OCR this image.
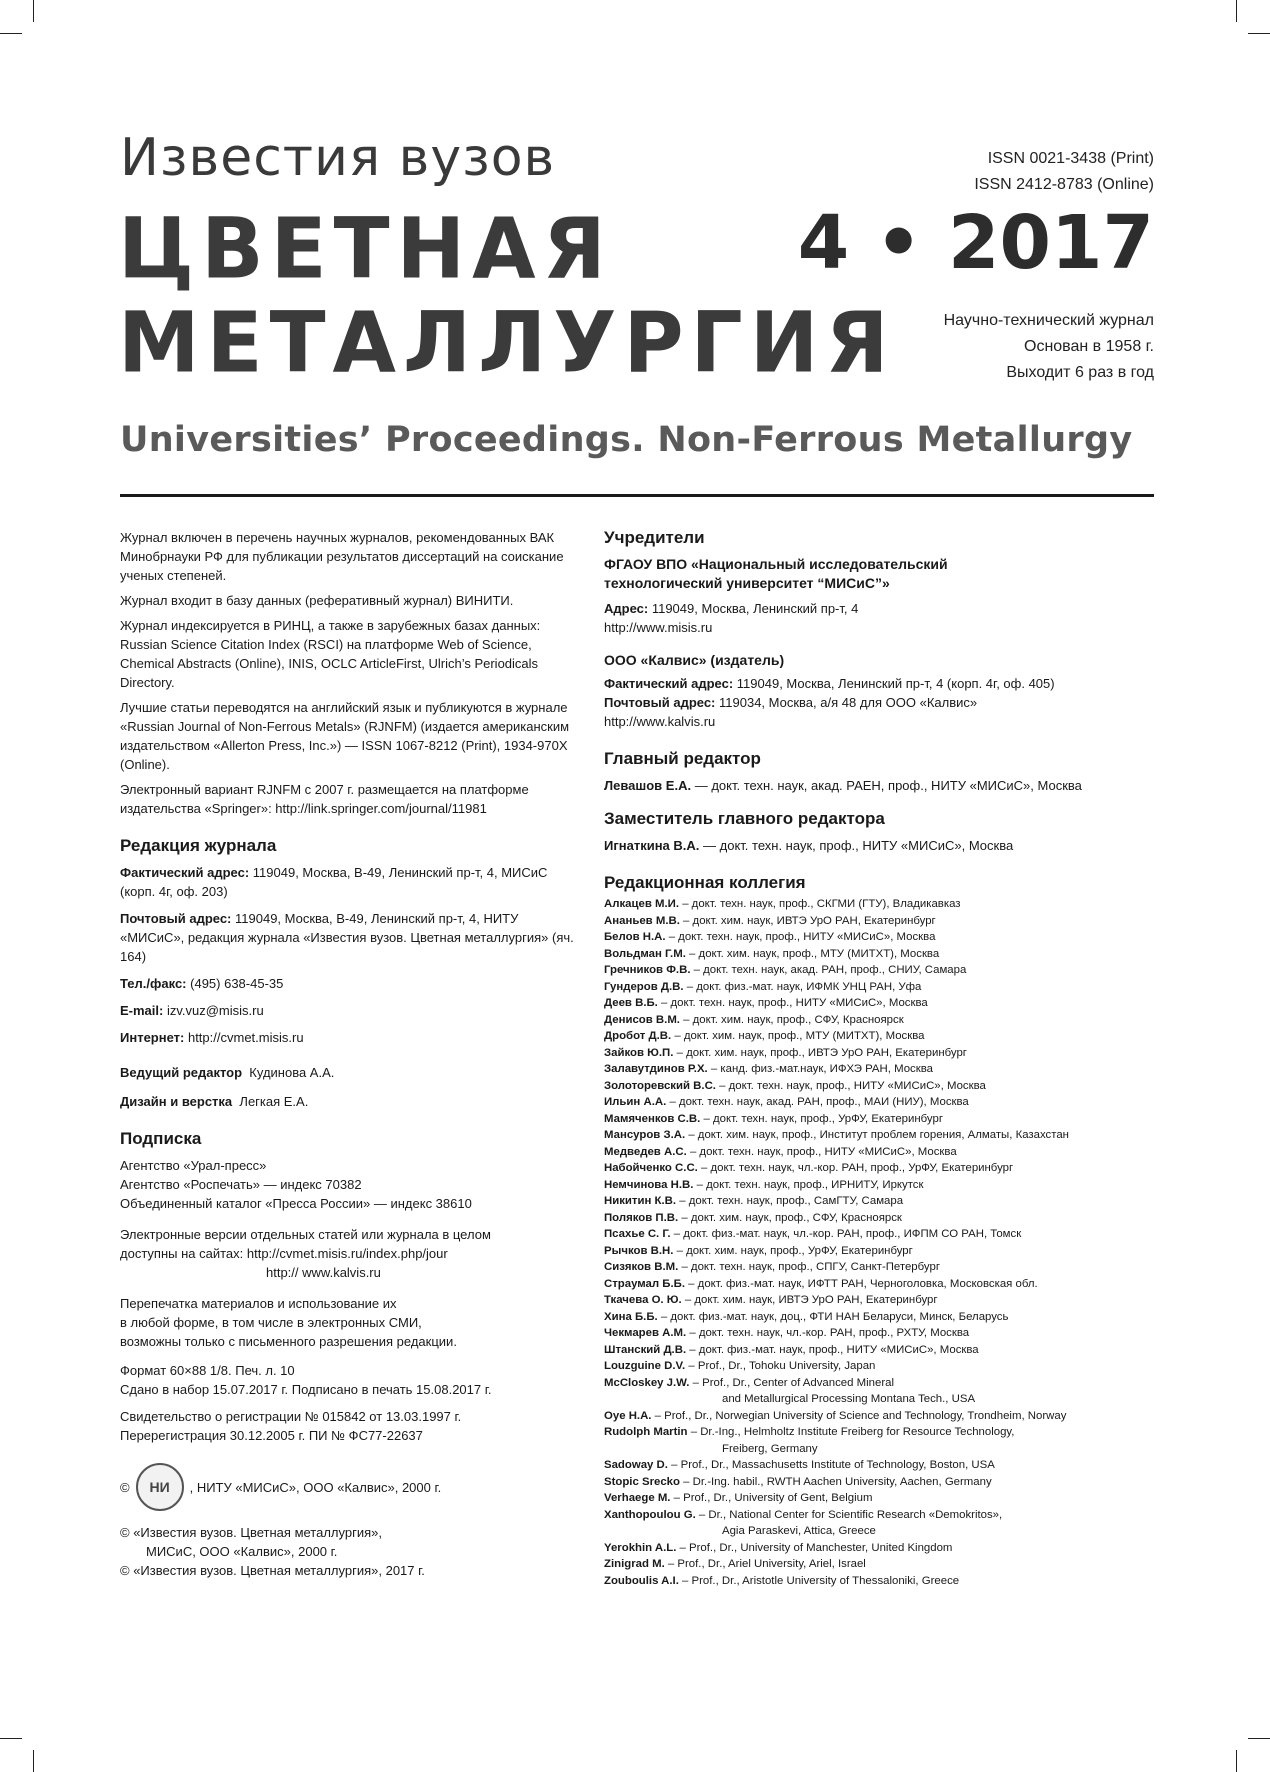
Известия вузов
ЦВЕТНАЯ
МЕТАЛЛУРГИЯ
ISSN 0021-3438 (Print)
ISSN 2412-8783 (Online)
4 • 2017
Научно-технический журнал
Основан в 1958 г.
Выходит 6 раз в год
Universities’ Proceedings. Non-Ferrous Metallurgy

Журнал включен в перечень научных журналов, рекомендованных ВАК Минобрнауки РФ для публикации результатов диссертаций на соискание ученых степеней.

Журнал входит в базу данных (реферативный журнал) ВИНИТИ.

Журнал индексируется в РИНЦ, а также в зарубежных базах данных: Russian Science Citation Index (RSCI) на платформе Web of Science, Chemical Abstracts (Online), INIS, OCLC ArticleFirst, Ulrich’s Periodicals Directory.

Лучшие статьи переводятся на английский язык и публикуются в журнале «Russian Journal of Non-Ferrous Metals» (RJNFM) (издается американским издательством «Allerton Press, Inc.») — ISSN 1067-8212 (Print), 1934-970X (Online).

Электронный вариант RJNFM с 2007 г. размещается на платформе издательства «Springer»: http://link.springer.com/journal/11981

Редакция журнала
Фактический адрес: 119049, Москва, В-49, Ленинский пр-т, 4, МИСиС (корп. 4г, оф. 203)
Почтовый адрес: 119049, Москва, В-49, Ленинский пр-т, 4, НИТУ «МИСиС», редакция журнала «Известия вузов. Цветная металлургия» (яч. 164)
Тел./факс: (495) 638-45-35
E-mail: izv.vuz@misis.ru
Интернет: http://cvmet.misis.ru
Ведущий редактор Кудинова А.А.
Дизайн и верстка Легкая Е.А.
Подписка
Агентство «Урал-пресс»
Агентство «Роспечать» — индекс 70382
Объединенный каталог «Пресса России» — индекс 38610
Электронные версии отдельных статей или журнала в целом
доступны на сайтах: http://cvmet.misis.ru/index.php/jour
http:// www.kalvis.ru
Перепечатка материалов и использование их
в любой форме, в том числе в электронных СМИ,
возможны только с письменного разрешения редакции.
Формат 60×88 1/8. Печ. л. 10
Сдано в набор 15.07.2017 г. Подписано в печать 15.08.2017 г.
Свидетельство о регистрации № 015842 от 13.03.1997 г.
Перерегистрация 30.12.2005 г. ПИ № ФС77-22637
©	НИ	, НИТУ «МИСиС», ООО «Калвис», 2000 г.
© «Известия вузов. Цветная металлургия»,
МИСиС, ООО «Калвис», 2000 г.
© «Известия вузов. Цветная металлургия», 2017 г.
Учредители
ФГАОУ ВПО «Национальный исследовательский
технологический университет “МИСиС”»
Адрес: 119049, Москва, Ленинский пр-т, 4
http://www.misis.ru
ООО «Калвис» (издатель)
Фактический адрес: 119049, Москва, Ленинский пр-т, 4 (корп. 4г, оф. 405)
Почтовый адрес: 119034, Москва, а/я 48 для ООО «Калвис»
http://www.kalvis.ru
Главный редактор
Левашов Е.А. — докт. техн. наук, акад. РАЕН, проф., НИТУ «МИСиС», Москва
Заместитель главного редактора
Игнаткина В.А. — докт. техн. наук, проф., НИТУ «МИСиС», Москва
Редакционная коллегия
Алкацев М.И. – докт. техн. наук, проф., СКГМИ (ГТУ), Владикавказ
Ананьев М.В. – докт. хим. наук, ИВТЭ УрО РАН, Екатеринбург
Белов Н.А. – докт. техн. наук, проф., НИТУ «МИСиС», Москва
Вольдман Г.М. – докт. хим. наук, проф., МТУ (МИТХТ), Москва
Гречников Ф.В. – докт. техн. наук, акад. РАН, проф., СНИУ, Самара
Гундеров Д.В. – докт. физ.-мат. наук, ИФМК УНЦ РАН, Уфа
Деев В.Б. – докт. техн. наук, проф., НИТУ «МИСиС», Москва
Денисов В.М. – докт. хим. наук, проф., СФУ, Красноярск
Дробот Д.В. – докт. хим. наук, проф., МТУ (МИТХТ), Москва
Зайков Ю.П. – докт. хим. наук, проф., ИВТЭ УрО РАН, Екатеринбург
Залавутдинов Р.Х. – канд. физ.-мат.наук, ИФХЭ РАН, Москва
Золоторевский В.С. – докт. техн. наук, проф., НИТУ «МИСиС», Москва
Ильин А.А. – докт. техн. наук, акад. РАН, проф., МАИ (НИУ), Москва
Мамяченков С.В. – докт. техн. наук, проф., УрФУ, Екатеринбург
Мансуров З.А. – докт. хим. наук, проф., Институт проблем горения, Алматы, Казахстан
Медведев А.С. – докт. техн. наук, проф., НИТУ «МИСиС», Москва
Набойченко С.С. – докт. техн. наук, чл.-кор. РАН, проф., УрФУ, Екатеринбург
Немчинова Н.В. – докт. техн. наук, проф., ИРНИТУ, Иркутск
Никитин К.В. – докт. техн. наук, проф., СамГТУ, Самара
Поляков П.В. – докт. хим. наук, проф., СФУ, Красноярск
Псахье С. Г. – докт. физ.-мат. наук, чл.-кор. РАН, проф., ИФПМ СО РАН, Томск
Рычков В.Н. – докт. хим. наук, проф., УрФУ, Екатеринбург
Сизяков В.М. – докт. техн. наук, проф., СПГУ, Санкт-Петербург
Страумал Б.Б. – докт. физ.-мат. наук, ИФТТ РАН, Черноголовка, Московская обл.
Ткачева О. Ю. – докт. хим. наук, ИВТЭ УрО РАН, Екатеринбург
Хина Б.Б. – докт. физ.-мат. наук, доц., ФТИ НАН Беларуси, Минск, Беларусь
Чекмарев А.М. – докт. техн. наук, чл.-кор. РАН, проф., РХТУ, Москва
Штанский Д.В. – докт. физ.-мат. наук, проф., НИТУ «МИСиС», Москва
Louzguine D.V. – Prof., Dr., Tohoku University, Japan
McCloskey J.W. – Prof., Dr., Center of Advanced Mineral
and Metallurgical Processing Montana Tech., USA
Oye H.A. – Prof., Dr., Norwegian University of Science and Technology, Trondheim, Norway
Rudolph Martin – Dr.-Ing., Helmholtz Institute Freiberg for Resource Technology,
Freiberg, Germany
Sadoway D. – Prof., Dr., Massachusetts Institute of Technology, Boston, USA
Stopic Srecko – Dr.-Ing. habil., RWTH Aachen University, Aachen, Germany
Verhaege M. – Prof., Dr., University of Gent, Belgium
Xanthopoulou G. – Dr., National Center for Scientific Research «Demokritos»,
Agia Paraskevi, Attica, Greece
Yerokhin A.L. – Prof., Dr., University of Manchester, United Kingdom
Zinigrad M. – Prof., Dr., Ariel University, Ariel, Israel
Zouboulis A.I. – Prof., Dr., Aristotle University of Thessaloniki, Greece
